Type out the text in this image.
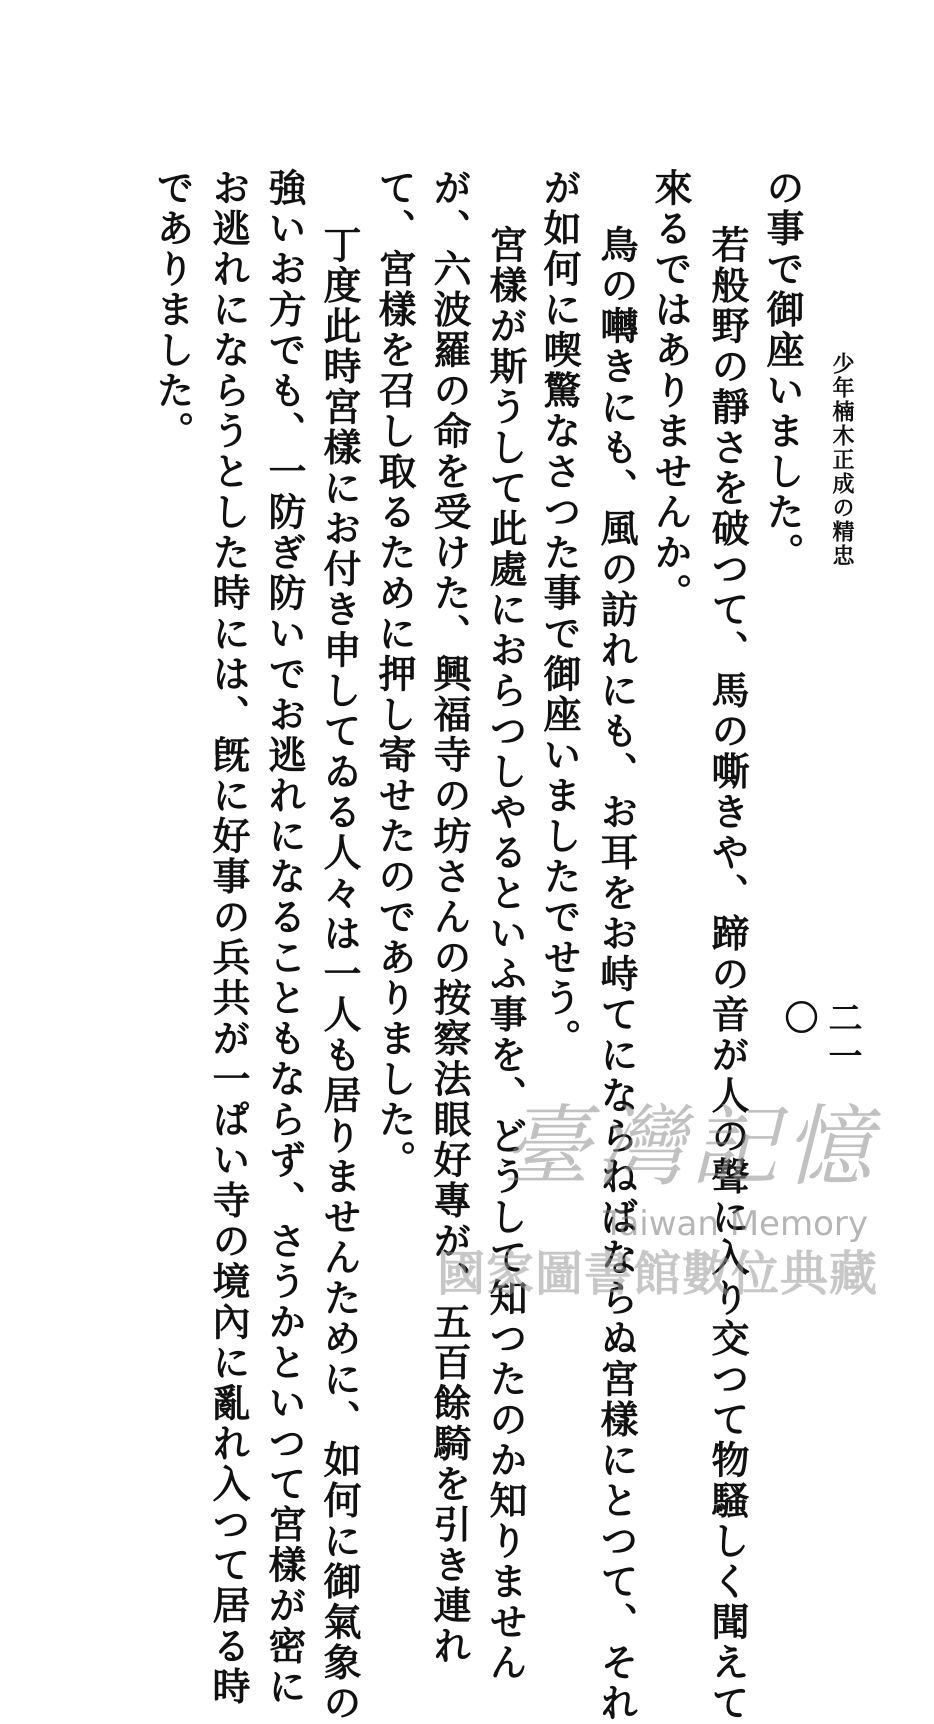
少年楠木正成の精忠
二一〇
の事で御座いました。
若般野の靜さを破つて、馬の嘶きや、蹄の音が人の聲に入り交つて物騷しく聞えて
來るではありませんか。
鳥の囀きにも、風の訪れにも、お耳をお峙てにならねばならぬ宮樣にとつて、それ
が如何に喫驚なさつた事で御座いましたでせう。
宮樣が斯うして此處におらつしやるといふ事を、どうして知つたのか知りません
が、六波羅の命を受けた、興福寺の坊さんの按察法眼好專が、五百餘騎を引き連れ
て、宮樣を召し取るために押し寄せたのでありました。
丁度此時宮樣にお付き申してゐる人々は一人も居りませんために、如何に御氣象の
強いお方でも、一防ぎ防いでお逃れになることもならず、さうかといつて宮樣が密に
お逃れにならうとした時には、旣に好事の兵共が一ぱい寺の境內に亂れ入つて居る時
でありました。
臺灣記憶
Taiwan Memory
國家圖書館數位典藏
